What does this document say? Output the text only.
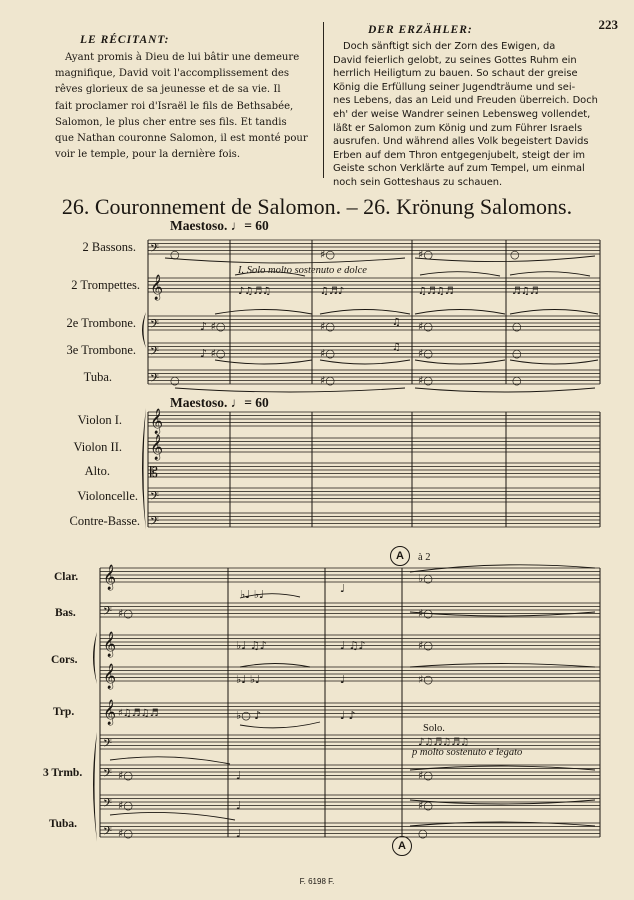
223
LE RÉCITANT:
Ayant promis à Dieu de lui bâtir une demeure
magnifique, David voit l'accomplissement des
rêves glorieux de sa jeunesse et de sa vie. Il
fait proclamer roi d'Israël le fils de Bethsabée,
Salomon, le plus cher entre ses fils. Et tandis
que Nathan couronne Salomon, il est monté pour
voir le temple, pour la dernière fois.
DER ERZÄHLER:
Doch sänftigt sich der Zorn des Ewigen, da
David feierlich gelobt, zu seines Gottes Ruhm ein
herrlich Heiligtum zu bauen. So schaut der greise
König die Erfüllung seiner Jugendträume und sei-
nes Lebens, das an Leid und Freuden überreich. Doch
eh' der weise Wandrer seinen Lebensweg vollendet,
läßt er Salomon zum König und zum Führer Israels
ausrufen. Und während alles Volk begeistert Davids
Erben auf dem Thron entgegenjubelt, steigt der im
Geiste schon Verklärte auf zum Tempel, um einmal
noch sein Gotteshaus zu schauen.
26. Couronnement de Salomon. – 26. Krönung Salomons.
Maestoso. ♩= 60
Maestoso. ♩= 60
I. Solo molto sostenuto e dolce
2 Bassons.
2 Trompettes.
2e Trombone.
3e Trombone.
Tuba.
Violon I.
Violon II.
Alto.
Violoncelle.
Contre-Basse.
Clar.
Bas.
Cors.
Trp.
3 Trmb.
Tuba.
A
A
à 2
Solo.
p molto sostenuto e legato
F. 6198 F.
𝄢
𝄞
𝄢
𝄢
𝄢
𝄞
𝄞
𝄡
𝄢
𝄢
𝄞
𝄢
𝄞
𝄞
𝄞
𝄢
𝄢
𝄢
𝄢
○	♯○	♯○	○
♪♫♬♫	♫♬♪	♫♬♫♬	♬♫♬
♪ ♯○	♯○	♫ ♯○	○
♪ ♯○	♯○	♫ ♯○	○
○	♯○	♯○	○
♭♩ ♭♩	♩
♭○
♯○	♯○
♭♩ ♫♪	♩ ♫♪	♯○
♭♩ ♭♩	♩	♯○
♯♫♬♫♬	♭○ ♪	♩ ♪
♪♫♬♫♬♫
♯○	♩	♯○
♯○	♩	♯○
♯○	♩	○
